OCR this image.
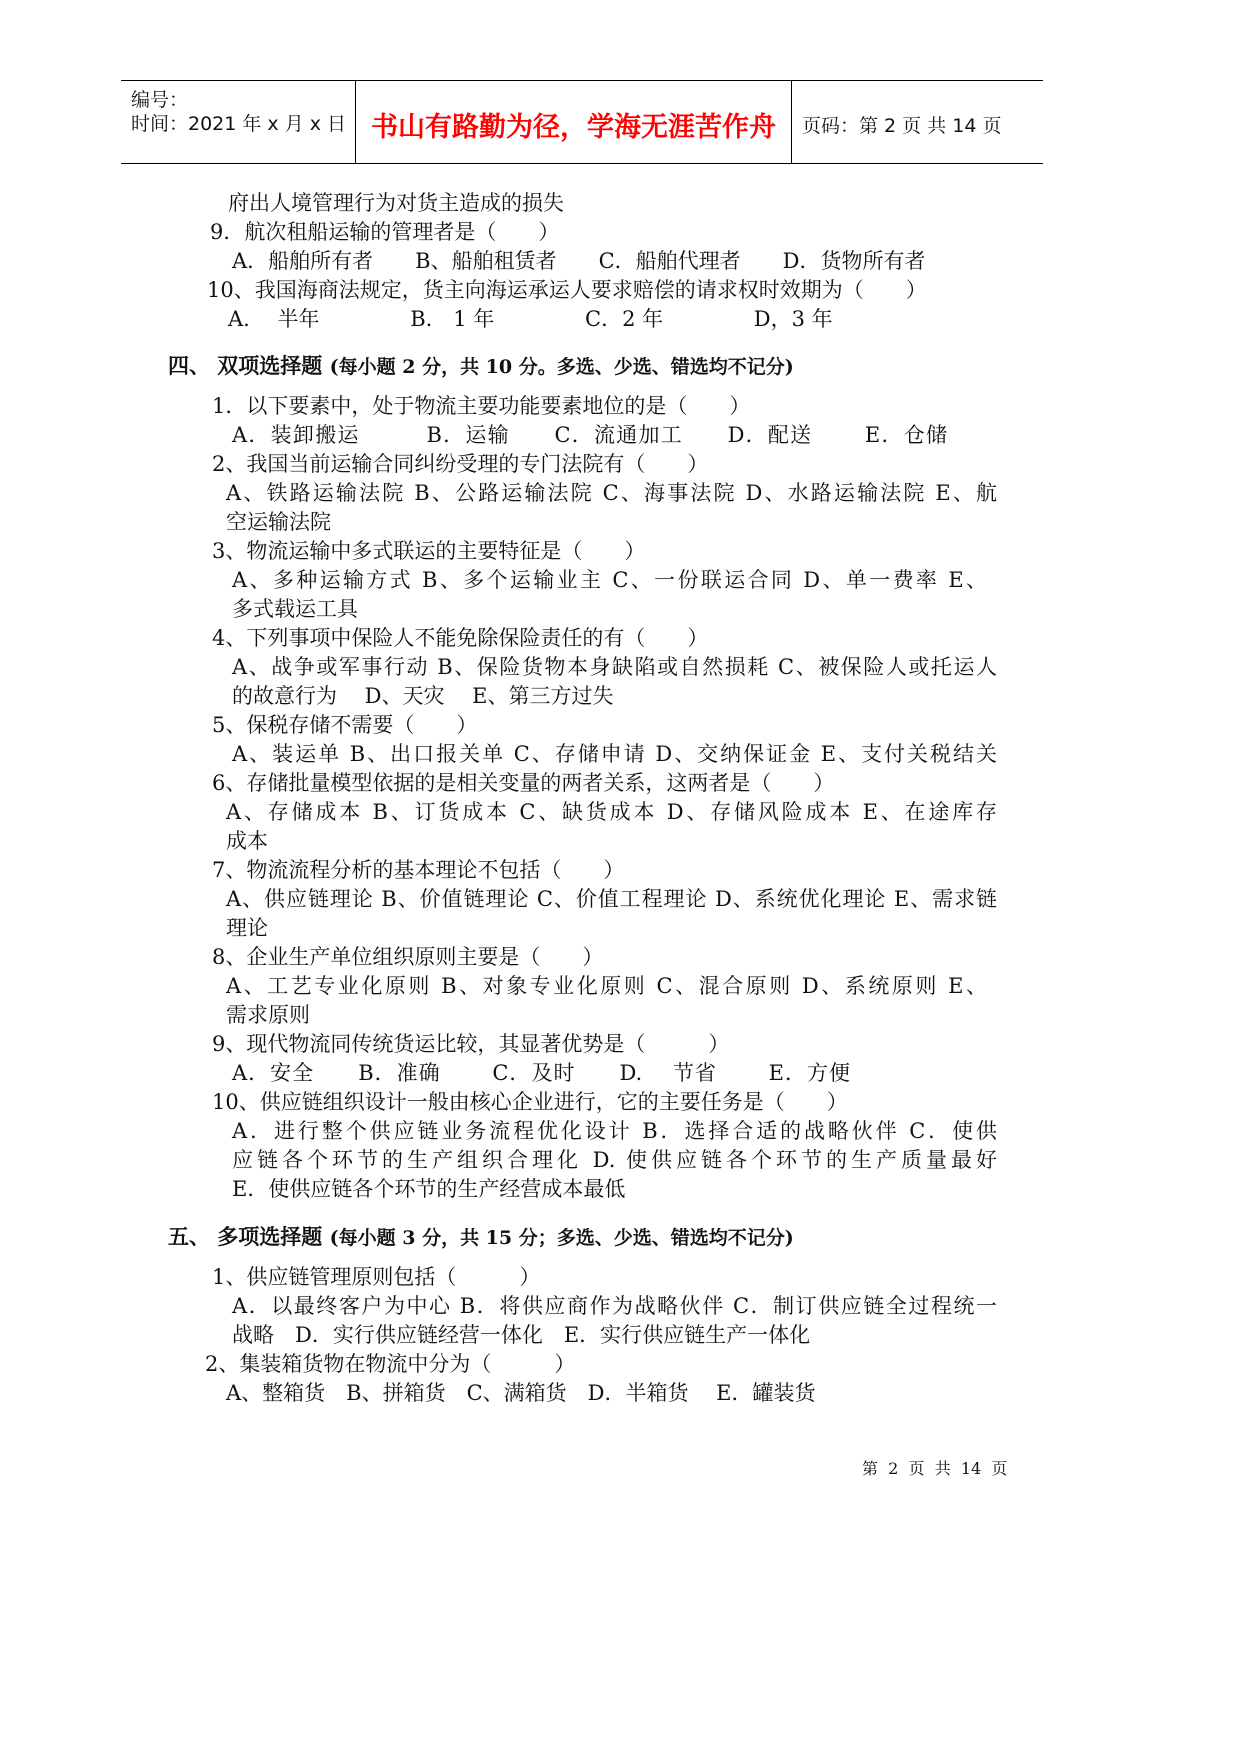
编号：
时间：2021 年 x 月 x 日 书山有路勤为径，学海无涯苦作舟	页码：第 2 页 共 14 页
府出人境管理行为对货主造成的损失
9．航次租船运输的管理者是（　　）
A．船舶所有者　　B、船舶租赁者　　C．船舶代理者　　D．货物所有者
10、我国海商法规定，货主向海运承运人要求赔偿的请求权时效期为（　　）
A.　 半年　　　　 B.　1 年　　　　 C．2 年　　　　 D，3 年
四、 双项选择题 (每小题 2 分，共 10 分。多选、少选、错选均不记分)
1．以下要素中，处于物流主要功能要素地位的是（　　）
A．装卸搬运　　　B．运输　　C．流通加工　　D．配送　　 E．仓储
2、我国当前运输合同纠纷受理的专门法院有（　　）
A、铁路运输法院 B、公路运输法院 C、海事法院 D、水路运输法院 E、航
空运输法院
3、物流运输中多式联运的主要特征是（　　）
A、多种运输方式 B、多个运输业主 C、一份联运合同 D、单一费率 E、
多式载运工具
4、下列事项中保险人不能免除保险责任的有（　　）
A、战争或军事行动 B、保险货物本身缺陷或自然损耗 C、被保险人或托运人
的故意行为　 D、天灾　 E、第三方过失
5、保税存储不需要（　　）
A、装运单 B、出口报关单 C、存储申请 D、交纳保证金 E、支付关税结关
6、存储批量模型依据的是相关变量的两者关系，这两者是（　　）
A、存储成本 B、订货成本 C、缺货成本 D、存储风险成本 E、在途库存
成本
7、物流流程分析的基本理论不包括（　　）
A、供应链理论 B、价值链理论 C、价值工程理论 D、系统优化理论 E、需求链
理论
8、企业生产单位组织原则主要是（　　）
A、工艺专业化原则 B、对象专业化原则 C、混合原则 D、系统原则 E、
需求原则
9、现代物流同传统货运比较，其显著优势是（　　　）
A．安全　　B．准确　　 C．及时　　D.　 节省　　 E．方便
10、供应链组织设计一般由核心企业进行，它的主要任务是（　　）
A．进行整个供应链业务流程优化设计 B．选择合适的战略伙伴 C．使供
应链各个环节的生产组织合理化 D. 使供应链各个环节的生产质量最好
E．使供应链各个环节的生产经营成本最低
五、 多项选择题 (每小题 3 分，共 15 分；多选、少选、错选均不记分)
1、供应链管理原则包括（　　　）
A．以最终客户为中心 B．将供应商作为战略伙伴 C．制订供应链全过程统一
战略　D．实行供应链经营一体化　E．实行供应链生产一体化
2、集装箱货物在物流中分为（　　　）
A、整箱货　B、拼箱货　C、满箱货　D．半箱货　 E．罐装货
第  2  页  共  14  页
